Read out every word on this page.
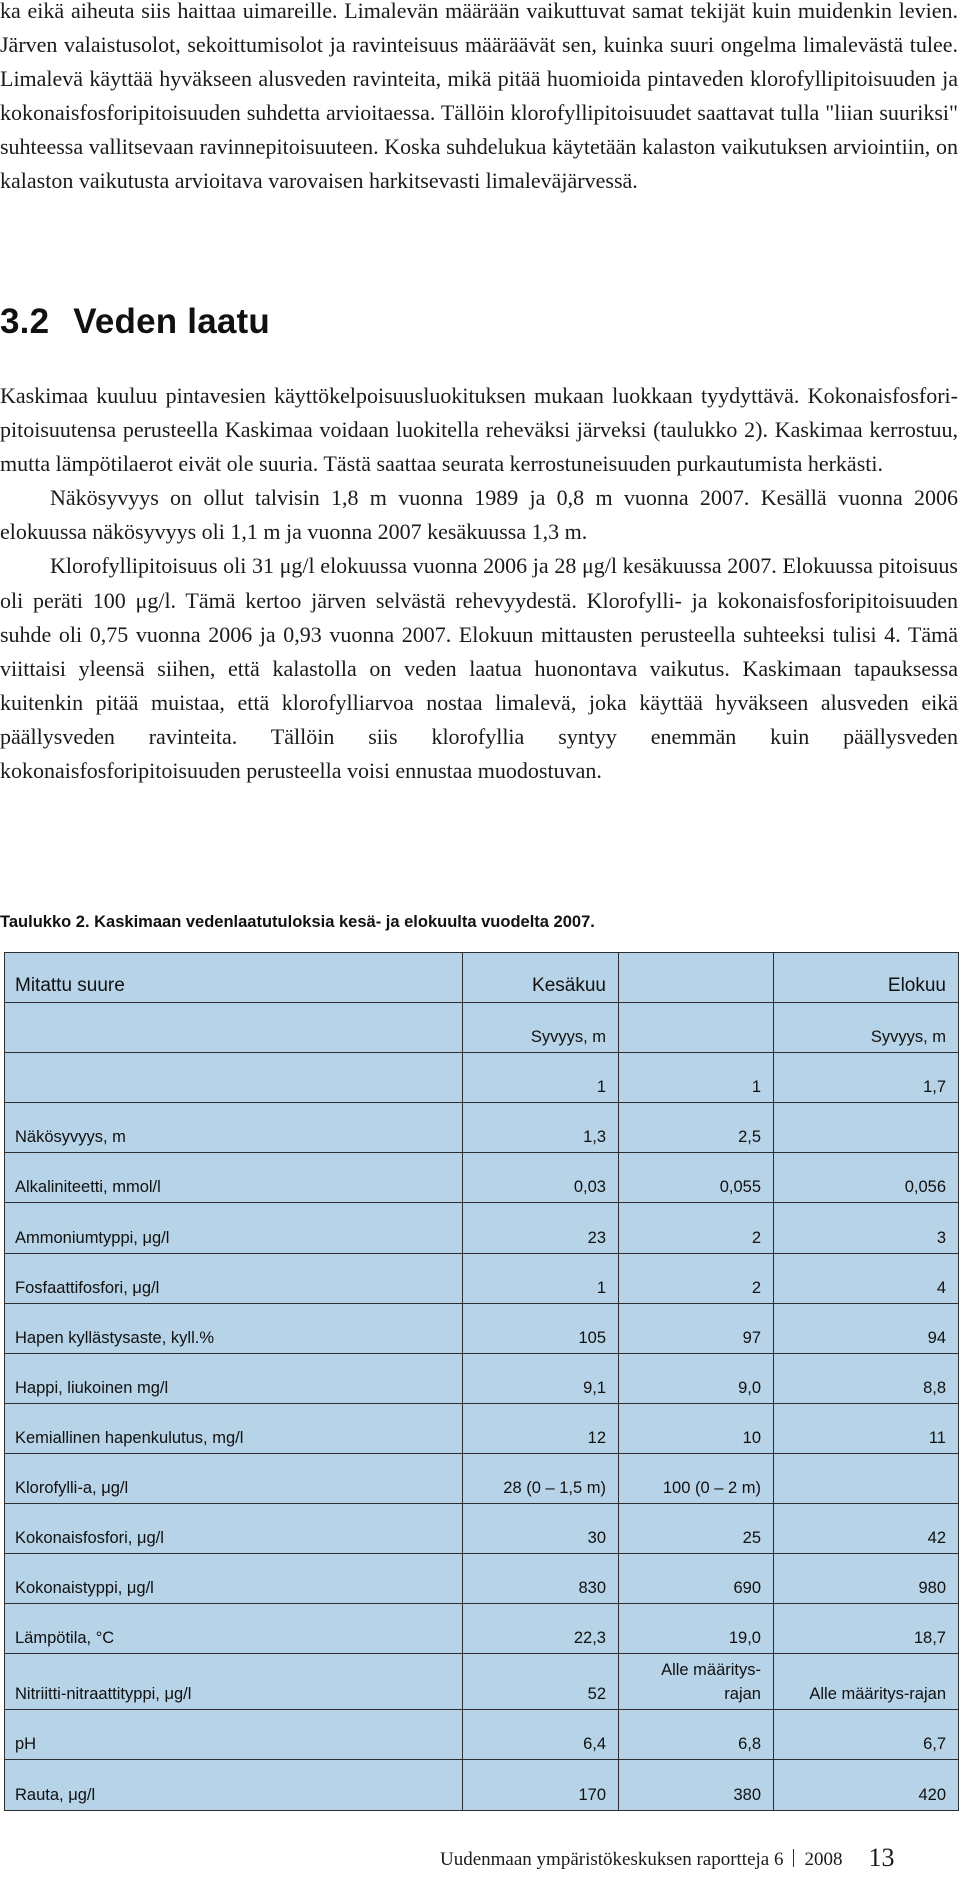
ka eikä aiheuta siis haittaa uimareille. Limalevän määrään vaikuttuvat samat tekijät kuin muidenkin levien. Järven valaistusolot, sekoittumisolot ja ravinteisuus määräävät sen, kuinka suuri ongelma limalevästä tulee. Limalevä käyttää hyväkseen alusveden ravinteita, mikä pitää huomioida pintaveden klorofyllipitoisuuden ja kokonaisfosforipitoisuuden suhdetta arvioitaessa. Tällöin klorofyllipitoisuudet saattavat tulla "liian suuriksi" suhteessa vallitsevaan ravinnepitoisuuteen. Koska suhdelukua käytetään kalaston vaikutuksen arviointiin, on kalaston vaikutusta arvioitava varovaisen harkitsevasti limaleväjärvessä.

3.2 Veden laatu

Kaskimaa kuuluu pintavesien käyttökelpoisuusluokituksen mukaan luokkaan tyydyttävä. Kokonaisfosfori-pitoisuutensa perusteella Kaskimaa voidaan luokitella reheväksi järveksi (taulukko 2). Kaskimaa kerrostuu, mutta lämpötilaerot eivät ole suuria. Tästä saattaa seurata kerrostuneisuuden purkautumista herkästi.

Näkösyvyys on ollut talvisin 1,8 m vuonna 1989 ja 0,8 m vuonna 2007. Kesällä vuonna 2006 elokuussa näkösyvyys oli 1,1 m ja vuonna 2007 kesäkuussa 1,3 m.

Klorofyllipitoisuus oli 31 μg/l elokuussa vuonna 2006 ja 28 μg/l kesäkuussa 2007. Elokuussa pitoisuus oli peräti 100 μg/l. Tämä kertoo järven selvästä rehevyydestä. Klorofylli- ja kokonaisfosforipitoisuuden suhde oli 0,75 vuonna 2006 ja 0,93 vuonna 2007. Elokuun mittausten perusteella suhteeksi tulisi 4. Tämä viittaisi yleensä siihen, että kalastolla on veden laatua huonontava vaikutus. Kaskimaan tapauksessa kuitenkin pitää muistaa, että klorofylliarvoa nostaa limalevä, joka käyttää hyväkseen alusveden eikä päällysveden ravinteita. Tällöin siis klorofyllia syntyy enemmän kuin päällysveden kokonaisfosforipitoisuuden perusteella voisi ennustaa muodostuvan.

Taulukko 2. Kaskimaan vedenlaatutuloksia kesä- ja elokuulta vuodelta 2007.
Mitattu suure	Kesäkuu		Elokuu
	Syvyys, m		Syvyys, m
	1	1	1,7
Näkösyvyys, m	1,3	2,5	
Alkaliniteetti, mmol/l	0,03	0,055	0,056
Ammoniumtyppi, μg/l	23	2	3
Fosfaattifosfori, μg/l	1	2	4
Hapen kyllästysaste, kyll.%	105	97	94
Happi, liukoinen mg/l	9,1	9,0	8,8
Kemiallinen hapenkulutus, mg/l	12	10	11
Klorofylli-a, μg/l	28 (0 – 1,5 m)	100 (0 – 2 m)	
Kokonaisfosfori, μg/l	30	25	42
Kokonaistyppi, μg/l	830	690	980
Lämpötila, °C	22,3	19,0	18,7
Nitriitti-nitraattityppi, μg/l	52	Alle määritys-rajan	Alle määritys-rajan
pH	6,4	6,8	6,7
Rauta, μg/l	170	380	420
Uudenmaan ympäristökeskuksen raportteja 6 2008 13
